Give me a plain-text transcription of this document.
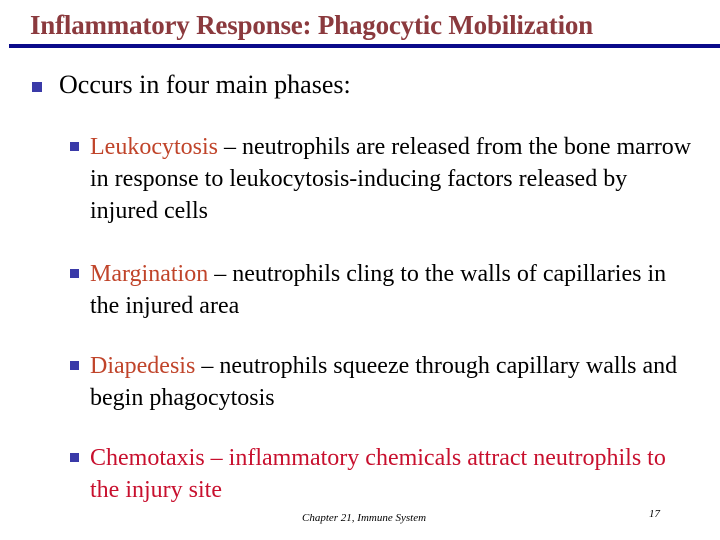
Inflammatory Response: Phagocytic Mobilization
Occurs in four main phases:
Leukocytosis – neutrophils are released from the bone marrow in response to leukocytosis-inducing factors released by injured cells
Margination – neutrophils cling to the walls of capillaries in the injured area
Diapedesis – neutrophils squeeze through capillary walls and begin phagocytosis
Chemotaxis – inflammatory chemicals attract neutrophils to the injury site
Chapter 21, Immune System	17
